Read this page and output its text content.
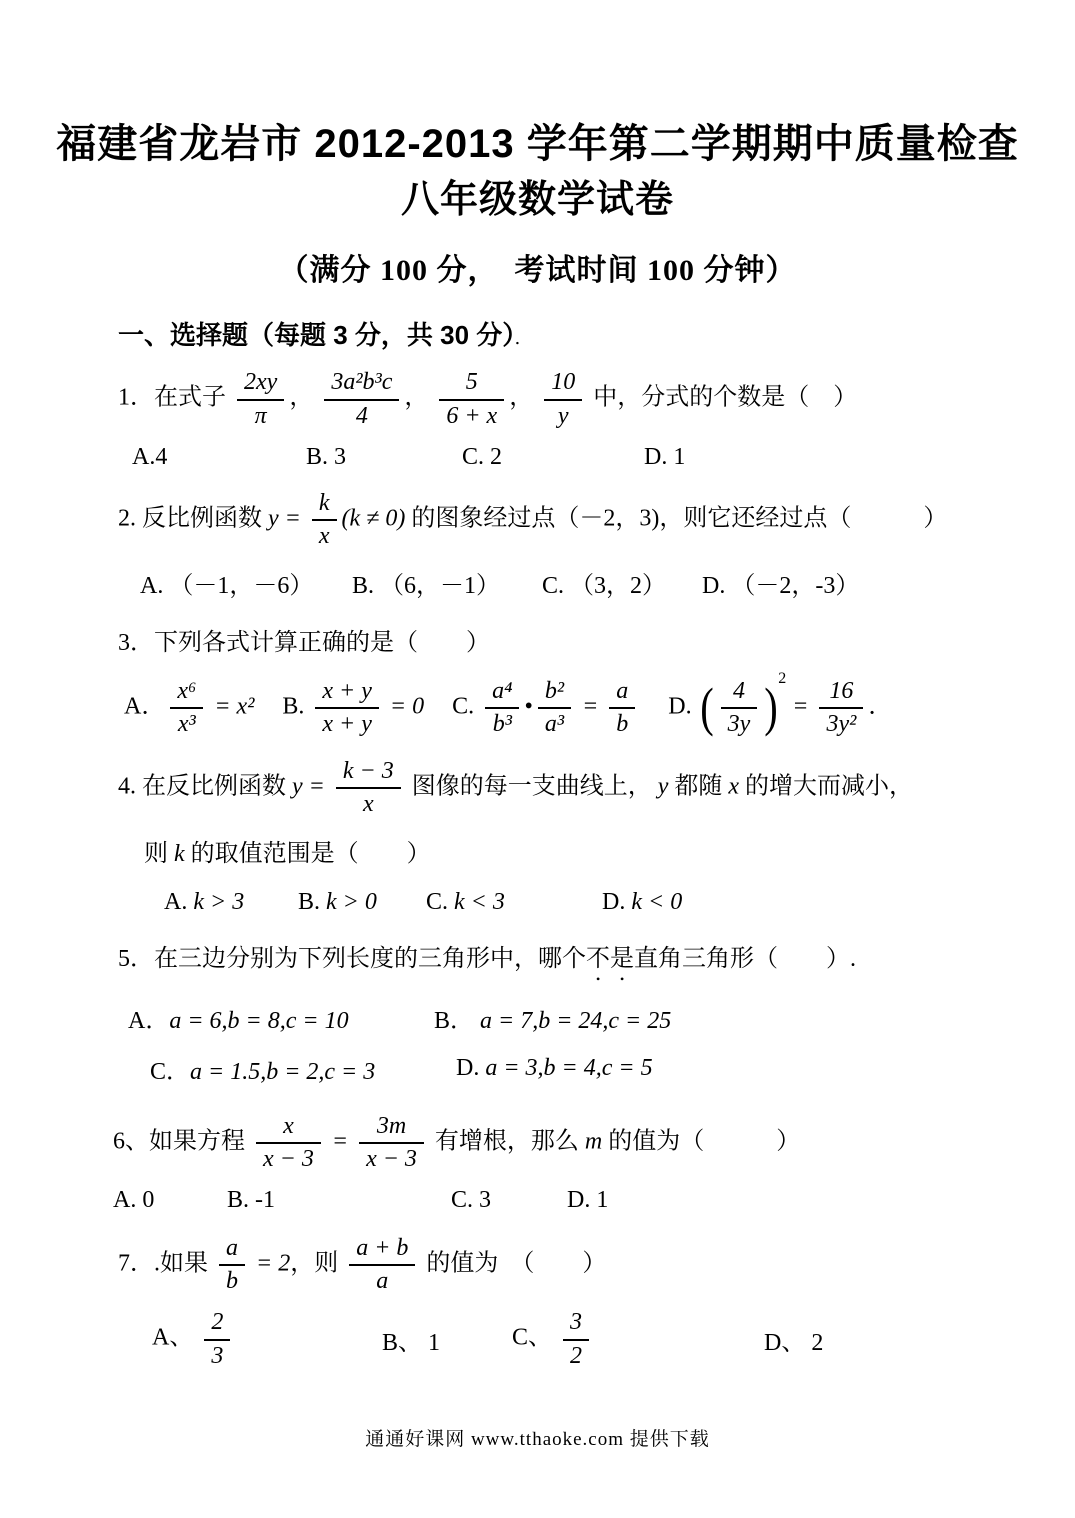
福建省龙岩市 2012-2013 学年第二学期期中质量检查
八年级数学试卷
（满分 100 分，　考试时间 100 分钟）
一、选择题（每题 3 分，共 30 分）．
1．在式子 $\frac{2xy}{\pi}$ ， $\frac{\text{3a²b³c}}{4}$ ， $\frac{5}{6 + x}$ ， $\frac{10}{y}$ 中，分式的个数是（　）
A.4	B. 3	C. 2	D. 1
2. 反比例函数 $y = \frac{k}{x} (k \ne 0)$ 的图象经过点（－2，3)，则它还经过点（　　　）
A. （－1，－6） B. （6，－1） C. （3，2） D. （－2，-3）
3．下列各式计算正确的是（　　）
A． $\frac{\text{x⁶}}{\text{x³}} = x^2$ B. $\frac{x + y}{x + y} = 0$ C. $\frac{\text{a⁴}}{\text{b³}}$ • $\frac{\text{b²}}{\text{a³}} = \frac{a}{b} D$. ( $\frac{4}{3y} )^2 = \frac{16}{\text{3y²}}$ ．
4. 在反比例函数 $y = \frac{k - 3}{x}$ 图像的每一支曲线上， y 都随 x 的增大而减小，
则 k 的取值范围是（　　）
A. k > 3 B. k > 0 C. k < 3	D. k < 0
5．在三边分别为下列长度的三角形中，哪个不是直角三角形（　　）.
A．a = 6,b = 8,c = 10	B． a = 7,b = 24,c = 25
C．a = 1.5,b = 2,c = 3	D. a = 3,b = 4,c = 5
6、如果方程 $\frac{x}{x - 3} = \frac{3m}{x - 3}$ 有增根，那么 m 的值为（　　　）
A. 0	B. -1	C. 3	D. 1
7．.如果 $\frac{a}{b} = 2$，则 $\frac{a + b}{a}$ 的值为　（　　）
A、 $\frac{2}{3}$	B、 1	C、 $\frac{3}{2}$	D、 2
通通好课网 www.tthaoke.com 提供下载
